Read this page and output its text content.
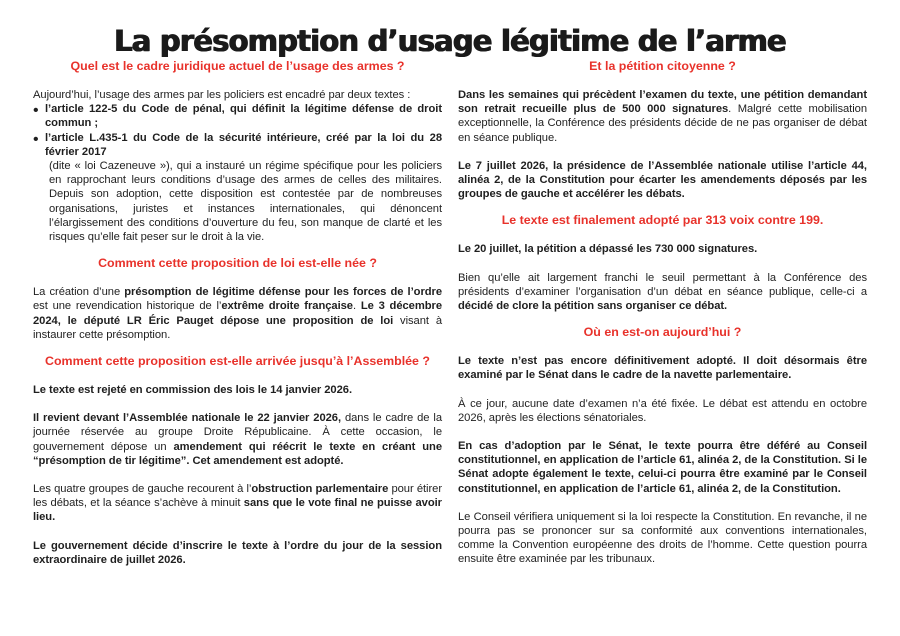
La présomption d’usage légitime de l’arme
Quel est le cadre juridique actuel de l’usage des armes ?

Aujourd’hui, l’usage des armes par les policiers est encadré par deux textes :

• l’article 122-5 du Code de pénal, qui définit la légitime défense de droit commun ;

• l’article L.435-1 du Code de la sécurité intérieure, créé par la loi du 28 février 2017

(dite « loi Cazeneuve »), qui a instauré un régime spécifique pour les policiers en rapprochant leurs conditions d’usage des armes de celles des militaires. Depuis son adoption, cette disposition est contestée par de nombreuses organisations, juristes et instances internationales, qui dénoncent l’élargissement des conditions d’ouverture du feu, son manque de clarté et les risques qu’elle fait peser sur le droit à la vie.

Comment cette proposition de loi est-elle née ?

La création d’une présomption de légitime défense pour les forces de l’ordre est une revendication historique de l’extrême droite française. Le 3 décembre 2024, le député LR Éric Pauget dépose une proposition de loi visant à instaurer cette présomption.

Comment cette proposition est-elle arrivée jusqu’à l’Assemblée ?

Le texte est rejeté en commission des lois le 14 janvier 2026.

Il revient devant l’Assemblée nationale le 22 janvier 2026, dans le cadre de la journée réservée au groupe Droite Républicaine. À cette occasion, le gouvernement dépose un amendement qui réécrit le texte en créant une “présomption de tir légitime”. Cet amendement est adopté.

Les quatre groupes de gauche recourent à l’obstruction parlementaire pour étirer les débats, et la séance s’achève à minuit sans que le vote final ne puisse avoir lieu.

Le gouvernement décide d’inscrire le texte à l’ordre du jour de la session extraordinaire de juillet 2026.

Et la pétition citoyenne ?

Dans les semaines qui précèdent l’examen du texte, une pétition demandant son retrait recueille plus de 500 000 signatures. Malgré cette mobilisation exceptionnelle, la Conférence des présidents décide de ne pas organiser de débat en séance publique.

Le 7 juillet 2026, la présidence de l’Assemblée nationale utilise l’article 44, alinéa 2, de la Constitution pour écarter les amendements déposés par les groupes de gauche et accélérer les débats.

Le texte est finalement adopté par 313 voix contre 199.

Le 20 juillet, la pétition a dépassé les 730 000 signatures.

Bien qu’elle ait largement franchi le seuil permettant à la Conférence des présidents d’examiner l’organisation d’un débat en séance publique, celle-ci a décidé de clore la pétition sans organiser ce débat.

Où en est-on aujourd’hui ?

Le texte n’est pas encore définitivement adopté. Il doit désormais être examiné par le Sénat dans le cadre de la navette parlementaire.

À ce jour, aucune date d’examen n’a été fixée. Le débat est attendu en octobre 2026, après les élections sénatoriales.

En cas d’adoption par le Sénat, le texte pourra être déféré au Conseil constitutionnel, en application de l’article 61, alinéa 2, de la Constitution. Si le Sénat adopte également le texte, celui-ci pourra être examiné par le Conseil constitutionnel, en application de l’article 61, alinéa 2, de la Constitution.

Le Conseil vérifiera uniquement si la loi respecte la Constitution. En revanche, il ne pourra pas se prononcer sur sa conformité aux conventions internationales, comme la Convention européenne des droits de l’homme. Cette question pourra ensuite être examinée par les tribunaux.
